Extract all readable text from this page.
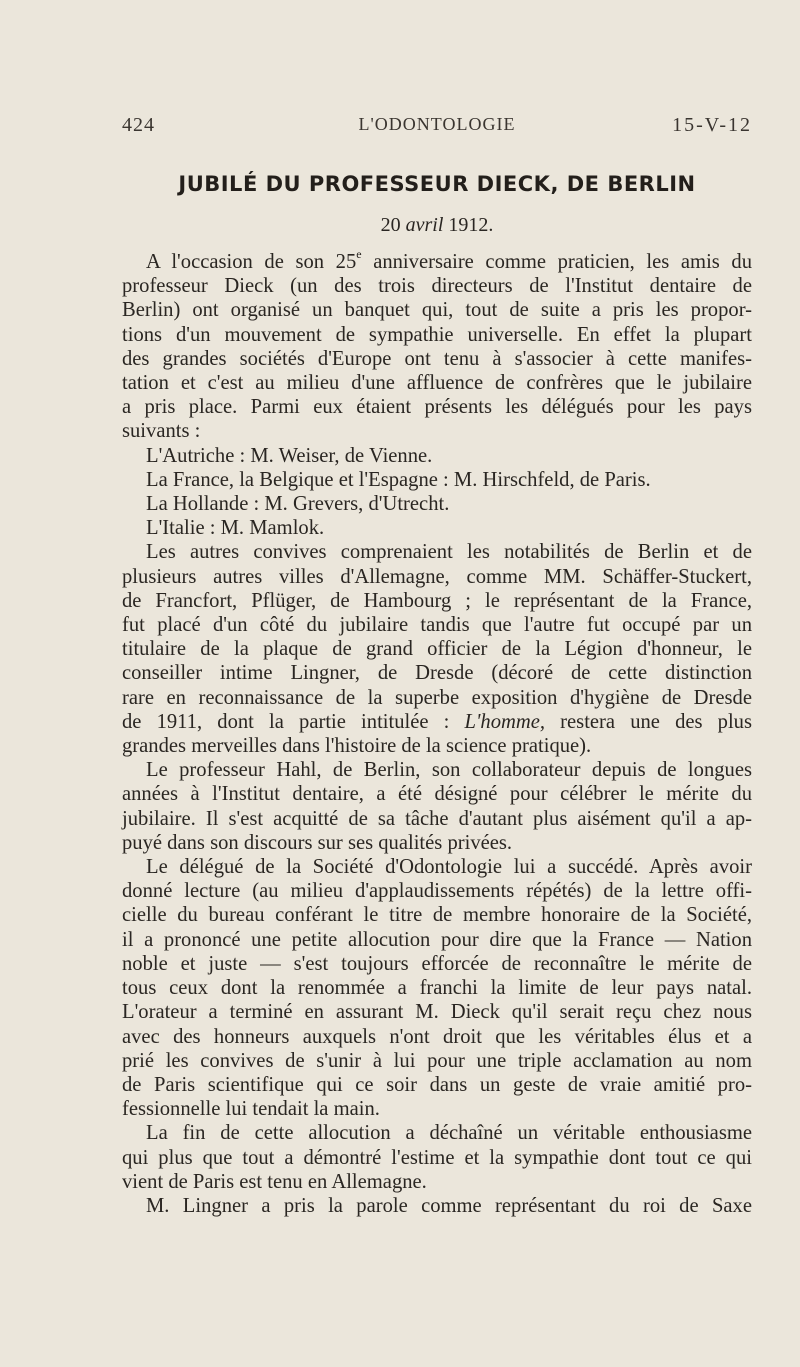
424	L'ODONTOLOGIE	15-V-12
JUBILÉ DU PROFESSEUR DIECK, DE BERLIN
20 avril 1912.
A l'occasion de son 25e anniversaire comme praticien, les amis du
professeur Dieck (un des trois directeurs de l'Institut dentaire de
Berlin) ont organisé un banquet qui, tout de suite a pris les propor-
tions d'un mouvement de sympathie universelle. En effet la plupart
des grandes sociétés d'Europe ont tenu à s'associer à cette manifes-
tation et c'est au milieu d'une affluence de confrères que le jubilaire
a pris place. Parmi eux étaient présents les délégués pour les pays
suivants :
L'Autriche : M. Weiser, de Vienne.
La France, la Belgique et l'Espagne : M. Hirschfeld, de Paris.
La Hollande : M. Grevers, d'Utrecht.
L'Italie : M. Mamlok.
Les autres convives comprenaient les notabilités de Berlin et de
plusieurs autres villes d'Allemagne, comme MM. Schäffer-Stuckert,
de Francfort, Pflüger, de Hambourg ; le représentant de la France,
fut placé d'un côté du jubilaire tandis que l'autre fut occupé par un
titulaire de la plaque de grand officier de la Légion d'honneur, le
conseiller intime Lingner, de Dresde (décoré de cette distinction
rare en reconnaissance de la superbe exposition d'hygiène de Dresde
de 1911, dont la partie intitulée : L'homme, restera une des plus
grandes merveilles dans l'histoire de la science pratique).
Le professeur Hahl, de Berlin, son collaborateur depuis de longues
années à l'Institut dentaire, a été désigné pour célébrer le mérite du
jubilaire. Il s'est acquitté de sa tâche d'autant plus aisément qu'il a ap-
puyé dans son discours sur ses qualités privées.
Le délégué de la Société d'Odontologie lui a succédé. Après avoir
donné lecture (au milieu d'applaudissements répétés) de la lettre offi-
cielle du bureau conférant le titre de membre honoraire de la Société,
il a prononcé une petite allocution pour dire que la France — Nation
noble et juste — s'est toujours efforcée de reconnaître le mérite de
tous ceux dont la renommée a franchi la limite de leur pays natal.
L'orateur a terminé en assurant M. Dieck qu'il serait reçu chez nous
avec des honneurs auxquels n'ont droit que les véritables élus et a
prié les convives de s'unir à lui pour une triple acclamation au nom
de Paris scientifique qui ce soir dans un geste de vraie amitié pro-
fessionnelle lui tendait la main.
La fin de cette allocution a déchaîné un véritable enthousiasme
qui plus que tout a démontré l'estime et la sympathie dont tout ce qui
vient de Paris est tenu en Allemagne.
M. Lingner a pris la parole comme représentant du roi de Saxe
